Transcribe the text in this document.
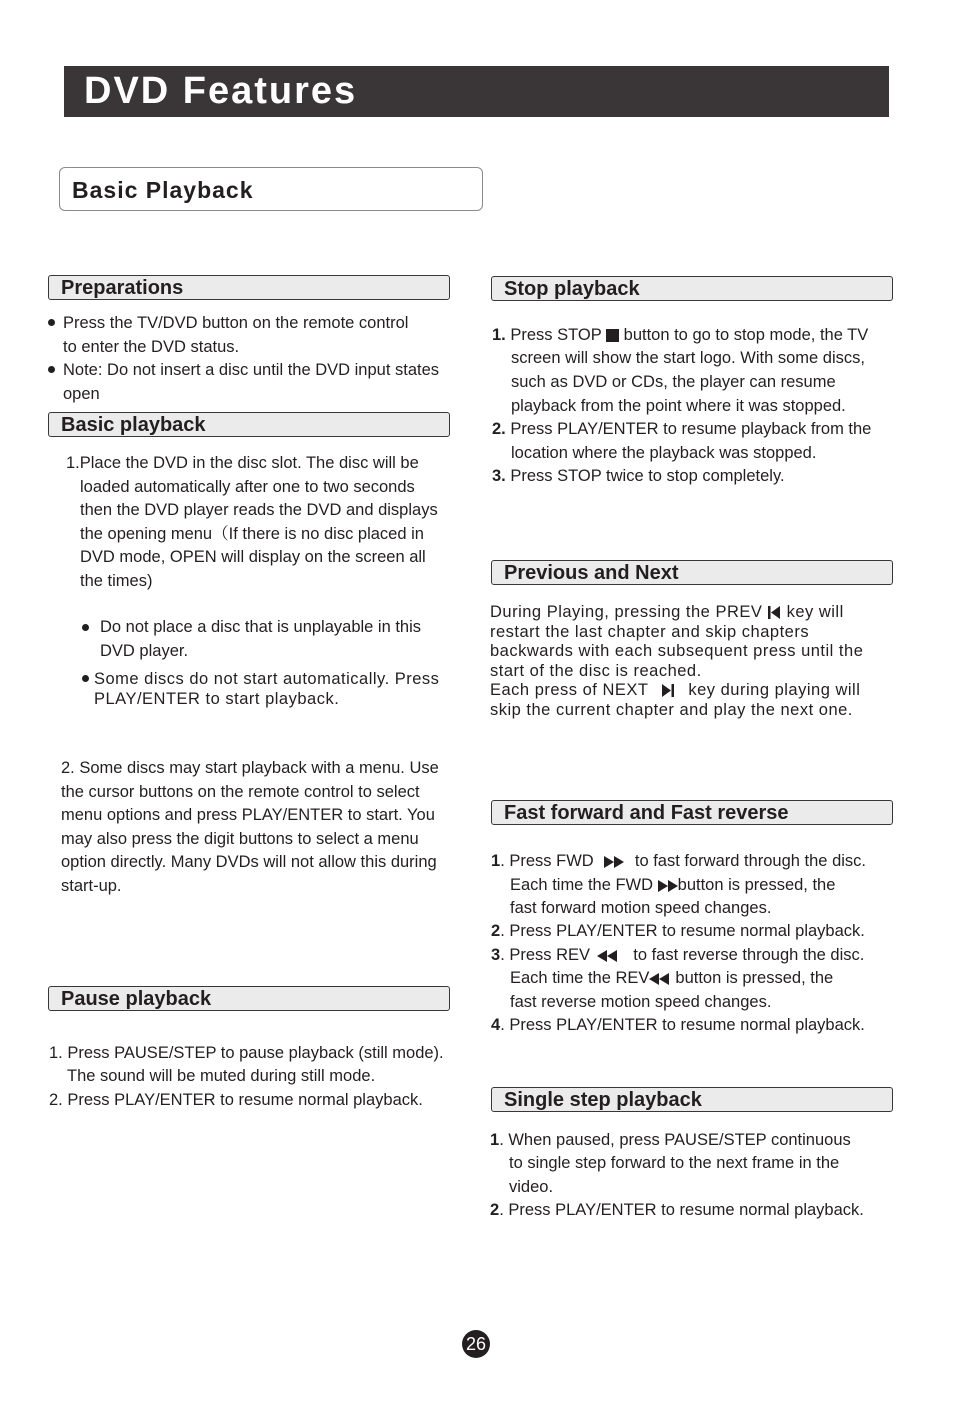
DVD Features
Basic Playback
Preparations
Press the TV/DVD button on the remote control
to enter the DVD status.
Note: Do not insert a disc until the DVD input states
open
Basic playback
1.Place the DVD in the disc slot. The disc will be
loaded automatically after one to two seconds
then the DVD player reads the DVD and displays
the opening menu（If there is no disc placed in
DVD mode, OPEN will display on the screen all
the times)
Do not place a disc that is unplayable in this
DVD player.
Some discs do not start automatically. Press
PLAY/ENTER to start playback.
2. Some discs may start playback with a menu. Use
the cursor buttons on the remote control to select
menu options and press PLAY/ENTER to start. You
may also press the digit buttons to select a menu
option directly. Many DVDs will not allow this during
start-up.
Pause playback
1. Press PAUSE/STEP to pause playback (still mode).
The sound will be muted during still mode.
2. Press PLAY/ENTER to resume normal playback.
Stop playback
1. Press STOP button to go to stop mode, the TV
screen will show the start logo. With some discs,
such as DVD or CDs, the player can resume
playback from the point where it was stopped.
2. Press PLAY/ENTER to resume playback from the
location where the playback was stopped.
3. Press STOP twice to stop completely.
Previous and Next
During Playing, pressing the PREV key will
restart the last chapter and skip chapters
backwards with each subsequent press until the
start of the disc is reached.
Each press of NEXT key during playing will
skip the current chapter and play the next one.
Fast forward and Fast reverse
1. Press FWD to fast forward through the disc.
Each time the FWD button is pressed, the
fast forward motion speed changes.
2. Press PLAY/ENTER to resume normal playback.
3. Press REV	to fast reverse through the disc.
Each time the REV button is pressed, the
fast reverse motion speed changes.
4. Press PLAY/ENTER to resume normal playback.
Single step playback
1. When paused, press PAUSE/STEP continuous
to single step forward to the next frame in the
video.
2. Press PLAY/ENTER to resume normal playback.
26
